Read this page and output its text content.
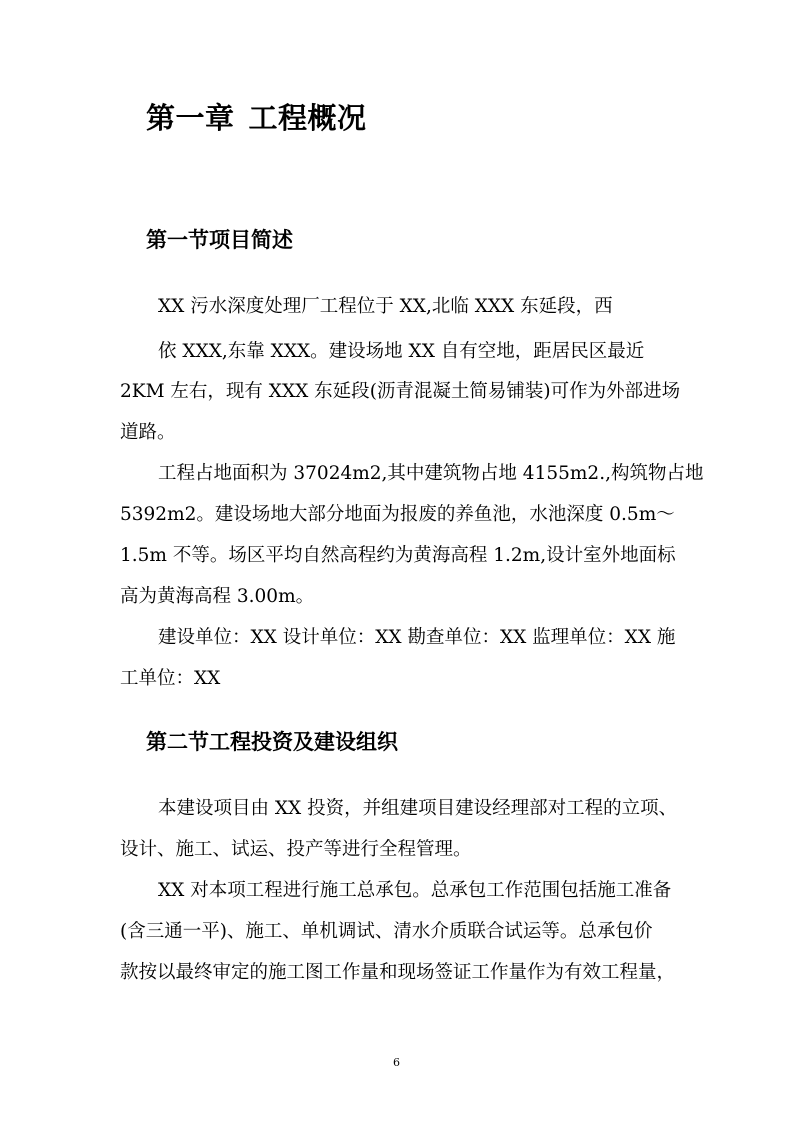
第一章 工程概况
第一节项目简述

XX 污水深度处理厂工程位于 XX,北临 XXX 东延段，西

依 XXX,东靠 XXX。建设场地 XX 自有空地，距居民区最近

2KM 左右，现有 XXX 东延段(沥青混凝土简易铺装)可作为外部进场

道路。

工程占地面积为 37024m2,其中建筑物占地 4155m2.,构筑物占地

5392m2。建设场地大部分地面为报废的养鱼池，水池深度 0.5m～

1.5m 不等。场区平均自然高程约为黄海高程 1.2m,设计室外地面标

高为黄海高程 3.00m。

建设单位：XX 设计单位：XX 勘查单位：XX 监理单位：XX 施

工单位：XX

第二节工程投资及建设组织

本建设项目由 XX 投资，并组建项目建设经理部对工程的立项、

设计、施工、试运、投产等进行全程管理。

XX 对本项工程进行施工总承包。总承包工作范围包括施工准备

(含三通一平)、施工、单机调试、清水介质联合试运等。总承包价

款按以最终审定的施工图工作量和现场签证工作量作为有效工程量，

6
